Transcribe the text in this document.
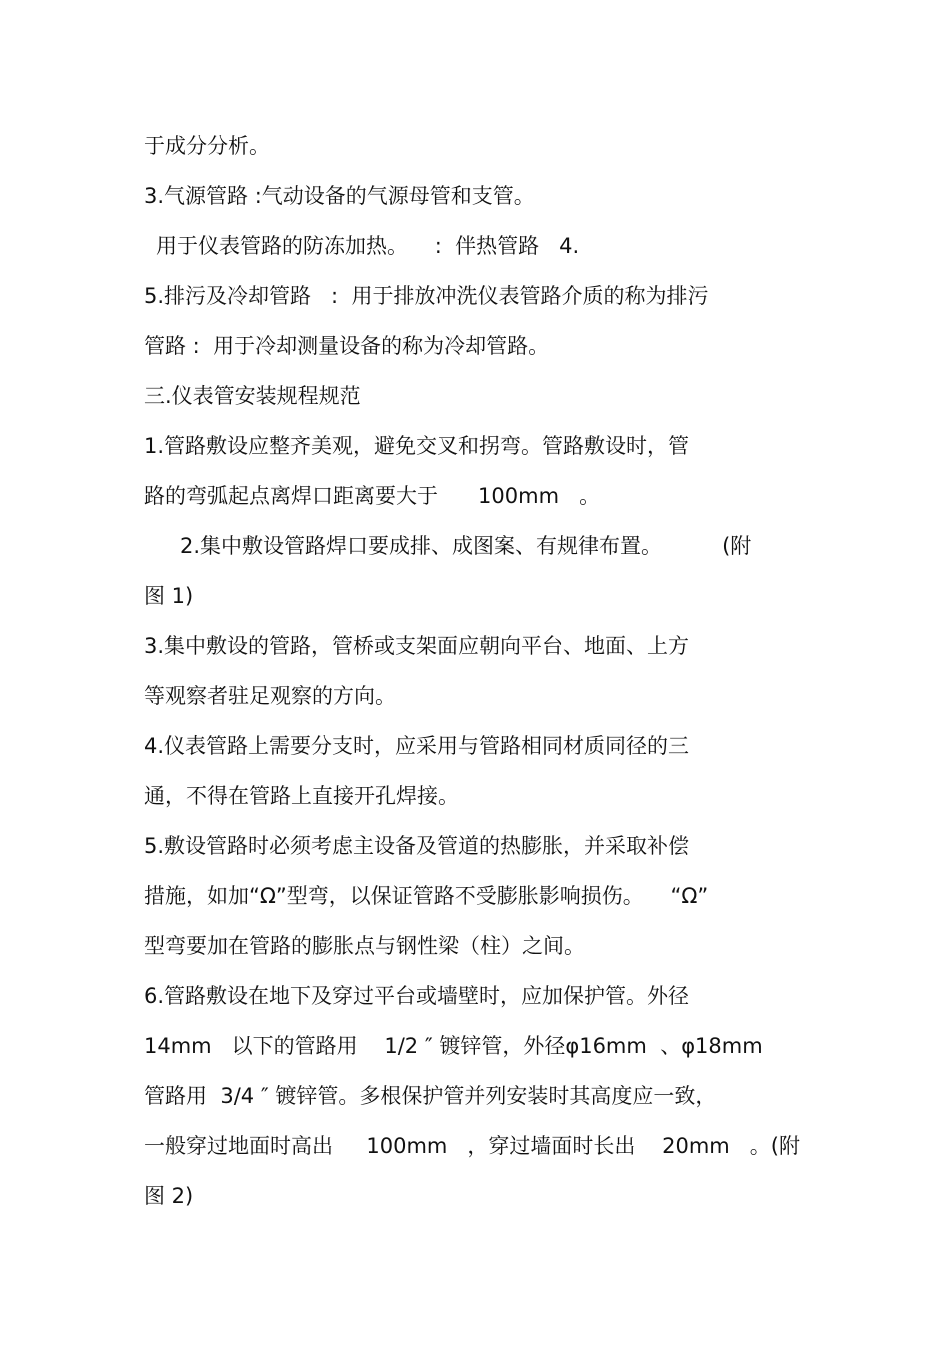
于成分分析。
3.气源管路 :气动设备的气源母管和支管。
用于仪表管路的防冻加热。    :  伴热管路   4.
5.排污及冷却管路   :  用于排放冲洗仪表管路介质的称为排污
管路 :  用于冷却测量设备的称为冷却管路。
三.仪表管安装规程规范
1.管路敷设应整齐美观，避免交叉和拐弯。管路敷设时，管
路的弯弧起点离焊口距离要大于      100mm   。
2.集中敷设管路焊口要成排、成图案、有规律布置。         (附
图 1)
3.集中敷设的管路，管桥或支架面应朝向平台、地面、上方
等观察者驻足观察的方向。
4.仪表管路上需要分支时，应采用与管路相同材质同径的三
通，不得在管路上直接开孔焊接。
5.敷设管路时必须考虑主设备及管道的热膨胀，并采取补偿
措施，如加“Ω”型弯，以保证管路不受膨胀影响损伤。    “Ω”
型弯要加在管路的膨胀点与钢性梁（柱）之间。
6.管路敷设在地下及穿过平台或墙壁时，应加保护管。外径
14mm   以下的管路用    1/2 ″ 镀锌管，外径φ16mm  、φ18mm
管路用  3/4 ″ 镀锌管。多根保护管并列安装时其高度应一致，
一般穿过地面时高出     100mm   ，穿过墙面时长出    20mm   。(附
图 2)
